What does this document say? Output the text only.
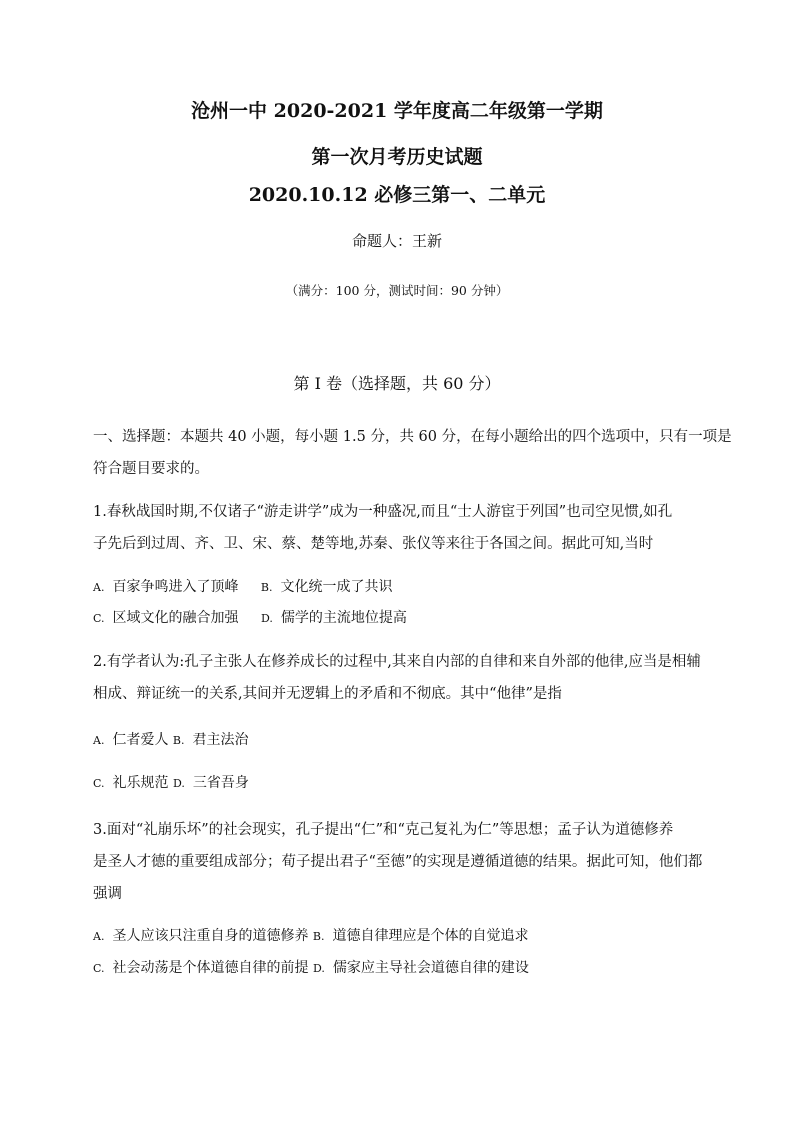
沧州一中 2020-2021 学年度高二年级第一学期
第一次月考历史试题
2020.10.12 必修三第一、二单元
命题人：王新
（满分：100 分，测试时间：90 分钟）
第 I 卷（选择题，共 60 分）
一、选择题：本题共 40 小题，每小题 1.5 分，共 60 分，在每小题给出的四个选项中，只有一项是
符合题目要求的。
1.春秋战国时期,不仅诸子“游走讲学”成为一种盛况,而且“士人游宦于列国”也司空见惯,如孔
子先后到过周、齐、卫、宋、蔡、楚等地,苏秦、张仪等来往于各国之间。据此可知,当时
A. 百家争鸣进入了顶峰 B. 文化统一成了共识
C. 区域文化的融合加强 D. 儒学的主流地位提高
2.有学者认为:孔子主张人在修养成长的过程中,其来自内部的自律和来自外部的他律,应当是相辅
相成、辩证统一的关系,其间并无逻辑上的矛盾和不彻底。其中“他律”是指
A. 仁者爱人 B. 君主法治
C. 礼乐规范 D. 三省吾身
3.面对“礼崩乐坏”的社会现实，孔子提出“仁”和“克己复礼为仁”等思想；孟子认为道德修养
是圣人才德的重要组成部分；荀子提出君子“至德”的实现是遵循道德的结果。据此可知，他们都
强调
A. 圣人应该只注重自身的道德修养 B. 道德自律理应是个体的自觉追求
C. 社会动荡是个体道德自律的前提 D. 儒家应主导社会道德自律的建设
